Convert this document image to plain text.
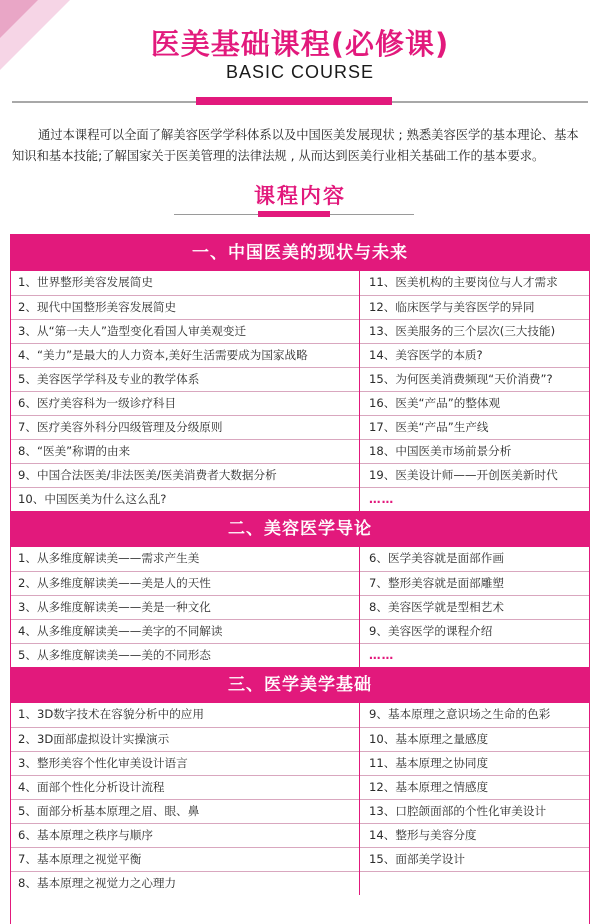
医美基础课程(必修课)
BASIC COURSE
通过本课程可以全面了解美容医学学科体系以及中国医美发展现状 ; 熟悉美容医学的基本理论、基本知识和基本技能;了解国家关于医美管理的法律法规 , 从而达到医美行业相关基础工作的基本要求。
课程内容
一、中国医美的现状与未来
1、世界整形美容发展简史	11、医美机构的主要岗位与人才需求
2、现代中国整形美容发展简史	12、临床医学与美容医学的异同
3、从“第一夫人”造型变化看国人审美观变迁	13、医美服务的三个层次(三大技能)
4、“美力”是最大的人力资本,美好生活需要成为国家战略	14、美容医学的本质?
5、美容医学学科及专业的教学体系	15、为何医美消费频现“天价消费”?
6、医疗美容科为一级诊疗科目	16、医美“产品”的整体观
7、医疗美容外科分四级管理及分级原则	17、医美“产品”生产线
8、“医美”称谓的由来	18、中国医美市场前景分析
9、中国合法医美/非法医美/医美消费者大数据分析	19、医美设计师——开创医美新时代
10、中国医美为什么这么乱?	……
二、美容医学导论
1、从多维度解读美——需求产生美	6、医学美容就是面部作画
2、从多维度解读美——美是人的天性	7、整形美容就是面部雕塑
3、从多维度解读美——美是一种文化	8、美容医学就是型相艺术
4、从多维度解读美——美字的不同解读	9、美容医学的课程介绍
5、从多维度解读美——美的不同形态	……
三、医学美学基础
1、3D数字技术在容貌分析中的应用	9、基本原理之意识场之生命的色彩
2、3D面部虚拟设计实操演示	10、基本原理之量感度
3、整形美容个性化审美设计语言	11、基本原理之协同度
4、面部个性化分析设计流程	12、基本原理之情感度
5、面部分析基本原理之眉、眼、鼻	13、口腔颌面部的个性化审美设计
6、基本原理之秩序与顺序	14、整形与美容分度
7、基本原理之视觉平衡	15、面部美学设计
8、基本原理之视觉力之心理力
